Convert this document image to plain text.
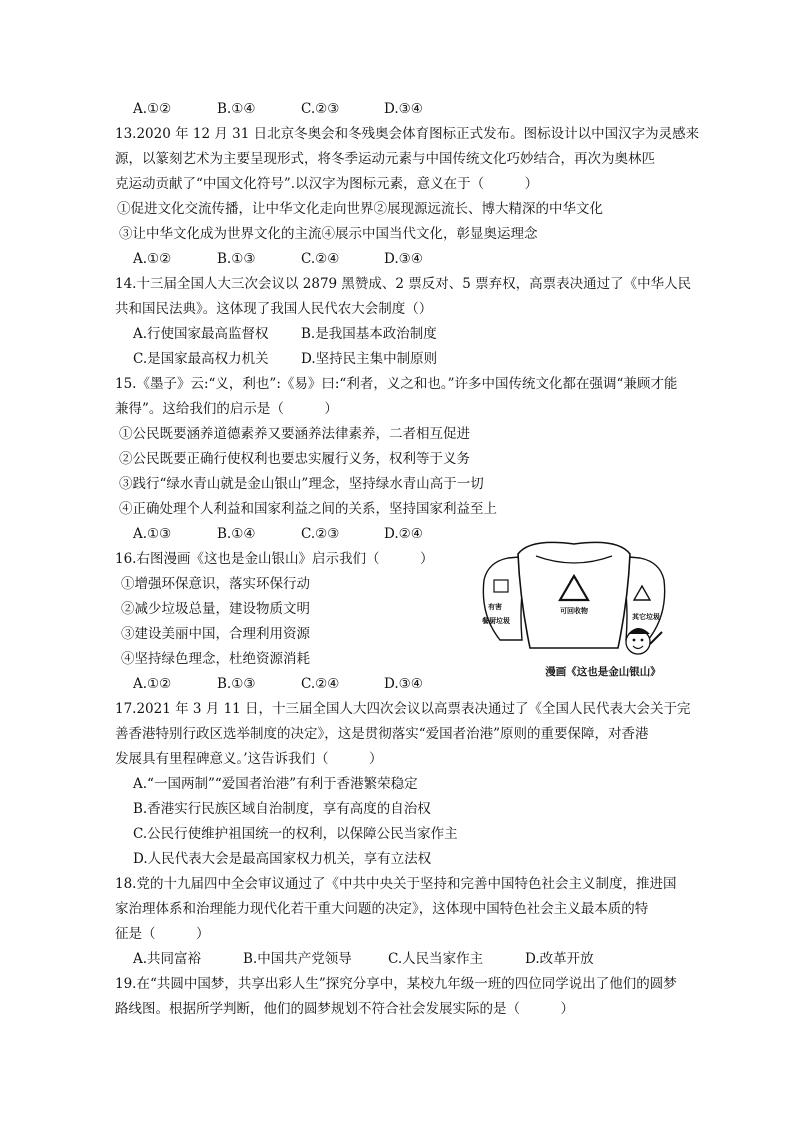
A.①②	B.①④	C.②③	D.③④
13.2020 年 12 月 31 日北京冬奥会和冬残奥会体育图标正式发布。图标设计以中国汉字为灵感来
源，以篆刻艺术为主要呈现形式，将冬季运动元素与中国传统文化巧妙结合，再次为奥林匹
克运动贡献了“中国文化符号”.以汉字为图标元素，意义在于（　　　）
①促进文化交流传播，让中华文化走向世界②展现源远流长、博大精深的中华文化
③让中华文化成为世界文化的主流④展示中国当代文化，彰显奥运理念
A.①②	B.①③	C.②④	D.③④
14.十三届全国人大三次会议以 2879 黑赞成、2 票反对、5 票弃权，高票表决通过了《中华人民
共和国民法典》。这体现了我国人民代农大会制度（）
A.行使国家最高监督权 B.是我国基本政治制度
C.是国家最高权力机关 D.坚持民主集中制原则
15.《墨子》云:“义，利也”:《易》曰:“利者，义之和也。”许多中国传统文化都在强调“兼顾才能
兼得”。这给我们的启示是（　　　）
①公民既要涵养道德素养又要涵养法律素养，二者相互促进
②公民既要正确行使权利也要忠实履行义务，权利等于义务
③践行“绿水青山就是金山银山”理念，坚持绿水青山高于一切
④正确处理个人利益和国家利益之间的关系，坚持国家利益至上
A.①③	B.①④	C.②③	D.②④
16.右图漫画《这也是金山银山》启示我们（　　　）
①增强环保意识，落实环保行动
②减少垃圾总量，建设物质文明
③建设美丽中国，合理利用资源
④坚持绿色理念，杜绝资源消耗
A.①②	B.①③	C.②④	D.③④
有害
餐厨垃圾
可回收物
其它垃圾
漫画《这也是金山银山》
17.2021 年 3 月 11 日，十三届全国人大四次会议以高票表决通过了《全国人民代表大会关于完
善香港特别行政区选举制度的决定》，这是贯彻落实“爱国者治港”原则的重要保障，对香港
发展具有里程碑意义。’这告诉我们（　　　）
A.“一国两制”“爱国者治港”有利于香港繁荣稳定
B.香港实行民族区域自治制度，享有高度的自治权
C.公民行使维护祖国统一的权利，以保障公民当家作主
D.人民代表大会是最高国家权力机关，享有立法权
18.党的十九届四中全会审议通过了《中共中央关于坚持和完善中国特色社会主义制度，推进国
家治理体系和治理能力现代化若干重大问题的决定》，这体现中国特色社会主义最本质的特
征是（　　　）
A.共同富裕	B.中国共产党领导	C.人民当家作主	D.改革开放
19.在“共圆中国梦，共享出彩人生”探究分享中，某校九年级一班的四位同学说出了他们的圆梦
路线图。根据所学判断，他们的圆梦规划不符合社会发展实际的是（　　　）
